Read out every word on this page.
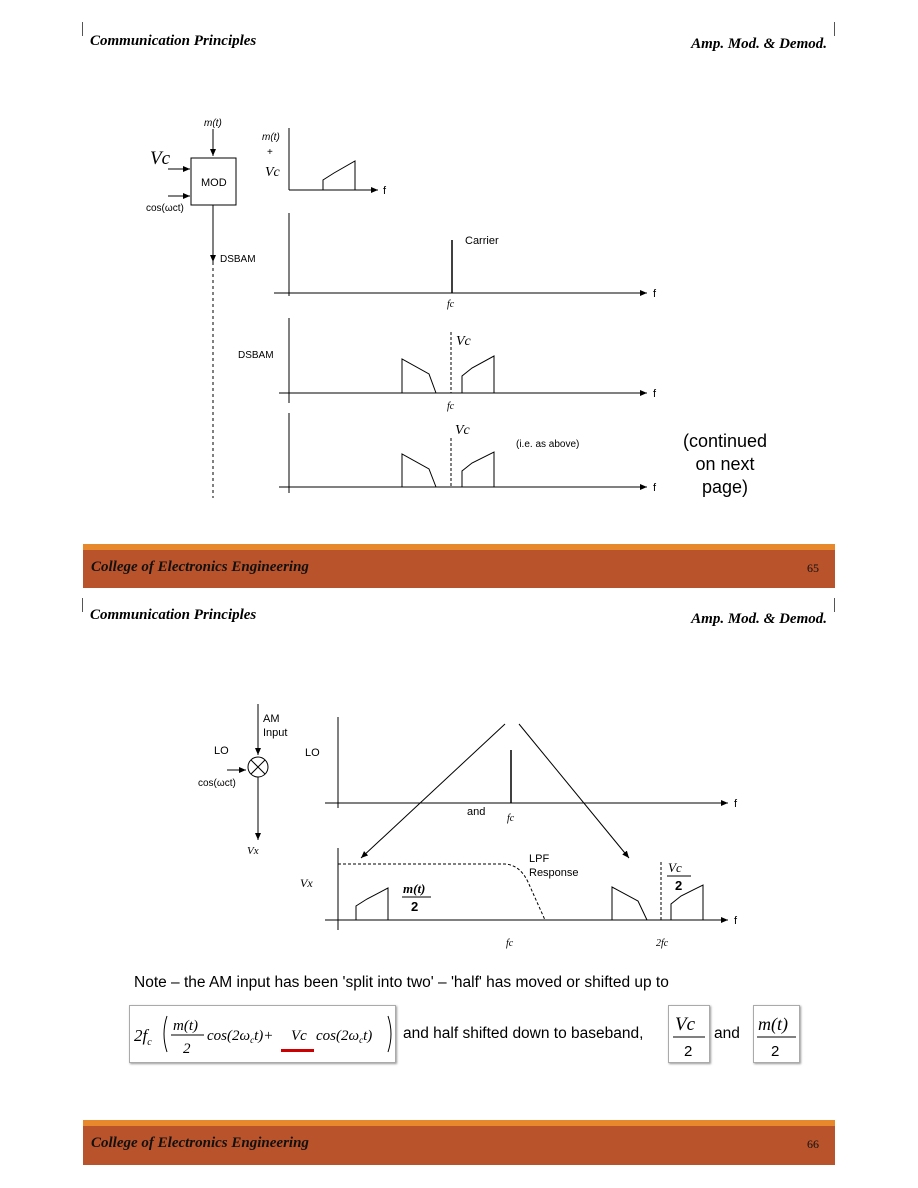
Communication Principles	Amp. Mod. & Demod.
m(t)
Vc
MOD
cos(ωct)
DSBAM
f
m(t)
+
Vc
f
Carrier
fc
f
DSBAM
Vc
fc
f
Vc
(i.e. as above)	(continued
on next
page)
College of Electronics Engineering	65
Communication Principles	Amp. Mod. & Demod.
AM
Input
LO
cos(ωct)
Vx
f
LO
and
fc
f
Vx
LPF
Response
m(t)
2
Vc
2
fc	2fc
Note – the AM input has been 'split into two' – 'half' has moved or shifted up to
$2f_c$
m(t)
2
$\cos(2\omega_ct)+ Vc$ $\cos(2\omega_ct)$ and half shifted down to baseband, Vc
2
and m(t)
2
College of Electronics Engineering	66
